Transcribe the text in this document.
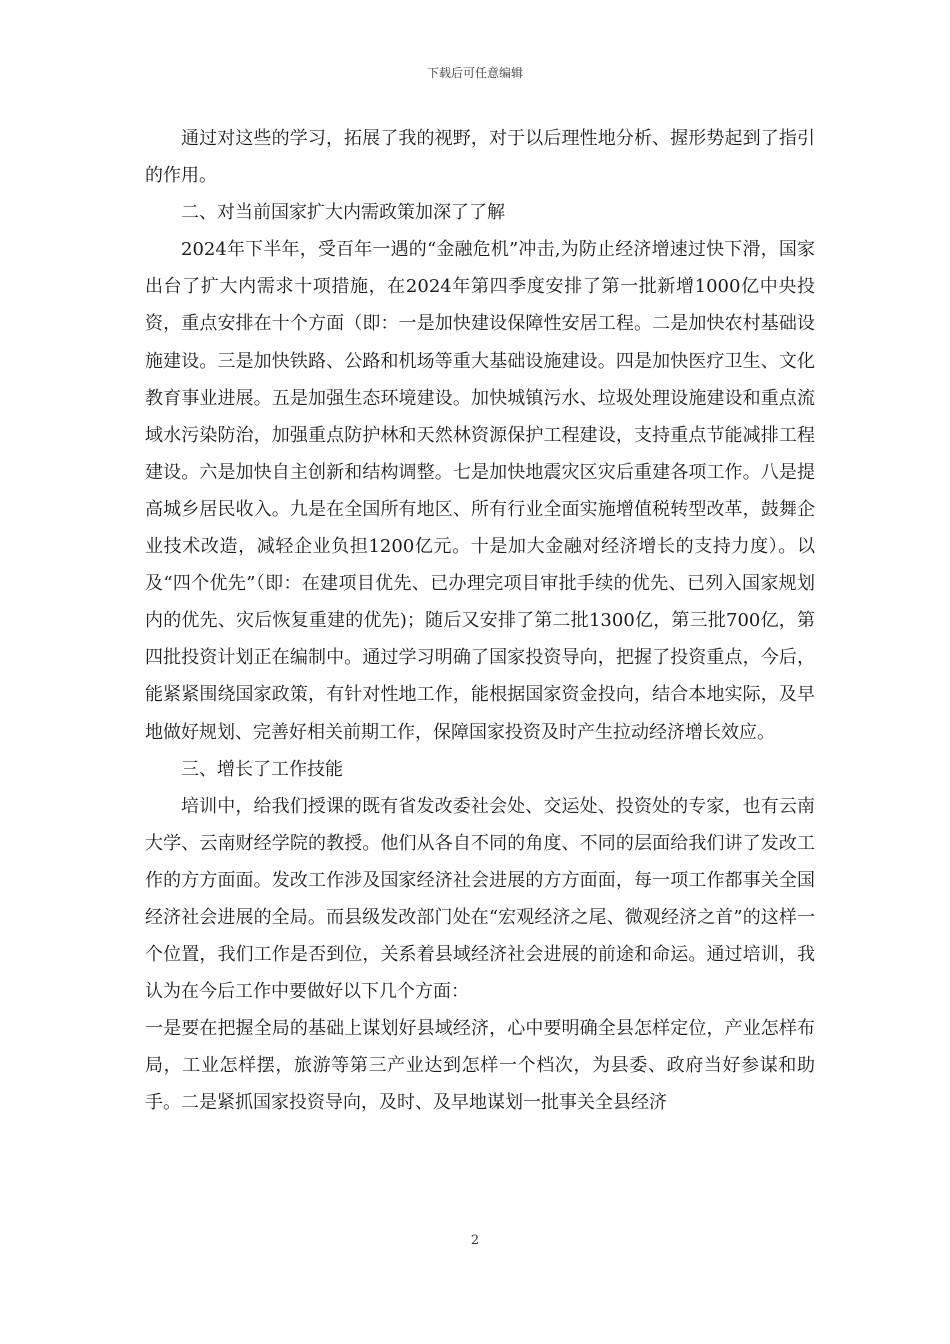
下载后可任意编辑

通过对这些的学习，拓展了我的视野，对于以后理性地分析、握形势起到了指引的作用。

二、对当前国家扩大内需政策加深了了解

2024年下半年，受百年一遇的“金融危机”冲击,为防止经济增速过快下滑，国家出台了扩大内需求十项措施，在2024年第四季度安排了第一批新增1000亿中央投资，重点安排在十个方面（即：一是加快建设保障性安居工程。二是加快农村基础设施建设。三是加快铁路、公路和机场等重大基础设施建设。四是加快医疗卫生、文化教育事业进展。五是加强生态环境建设。加快城镇污水、垃圾处理设施建设和重点流域水污染防治，加强重点防护林和天然林资源保护工程建设，支持重点节能减排工程建设。六是加快自主创新和结构调整。七是加快地震灾区灾后重建各项工作。八是提高城乡居民收入。九是在全国所有地区、所有行业全面实施增值税转型改革，鼓舞企业技术改造，减轻企业负担1200亿元。十是加大金融对经济增长的支持力度）。以及“四个优先”（即：在建项目优先、已办理完项目审批手续的优先、已列入国家规划内的优先、灾后恢复重建的优先)；随后又安排了第二批1300亿，第三批700亿，第四批投资计划正在编制中。通过学习明确了国家投资导向，把握了投资重点，今后，能紧紧围绕国家政策，有针对性地工作，能根据国家资金投向，结合本地实际，及早地做好规划、完善好相关前期工作，保障国家投资及时产生拉动经济增长效应。

三、增长了工作技能

培训中，给我们授课的既有省发改委社会处、交运处、投资处的专家，也有云南大学、云南财经学院的教授。他们从各自不同的角度、不同的层面给我们讲了发改工作的方方面面。发改工作涉及国家经济社会进展的方方面面，每一项工作都事关全国经济社会进展的全局。而县级发改部门处在“宏观经济之尾、微观经济之首”的这样一个位置，我们工作是否到位，关系着县域经济社会进展的前途和命运。通过培训，我认为在今后工作中要做好以下几个方面：

一是要在把握全局的基础上谋划好县域经济，心中要明确全县怎样定位，产业怎样布局，工业怎样摆，旅游等第三产业达到怎样一个档次，为县委、政府当好参谋和助手。二是紧抓国家投资导向，及时、及早地谋划一批事关全县经济

2
